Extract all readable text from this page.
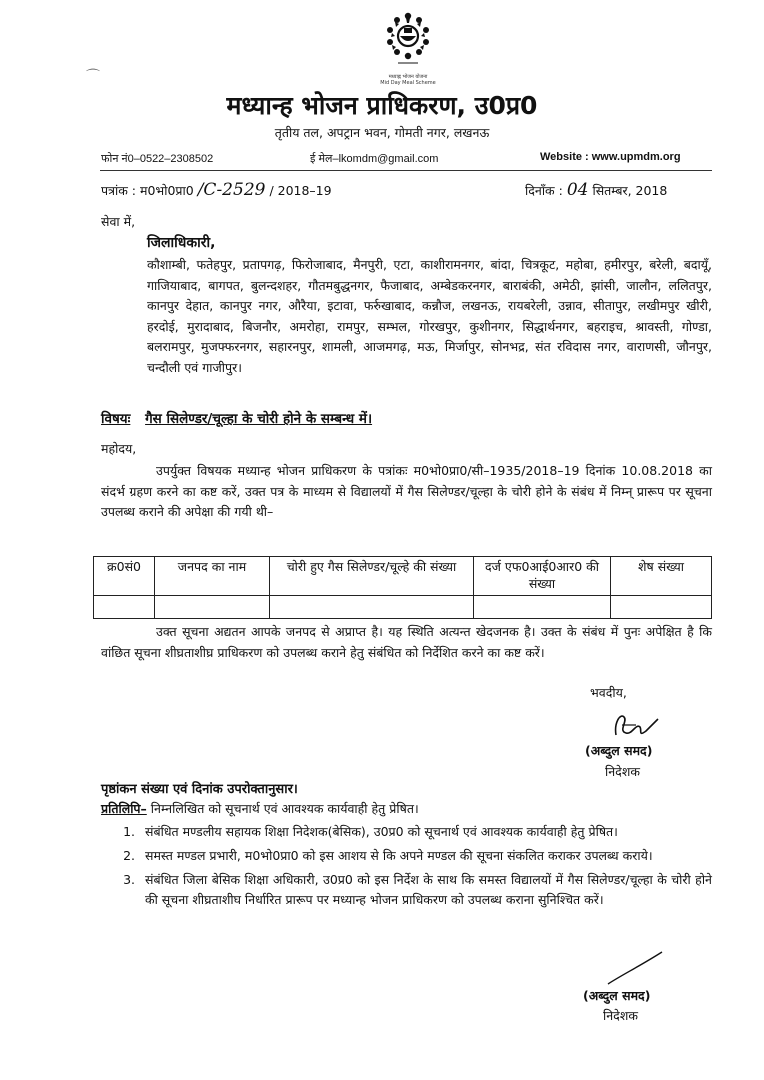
⌒	मध्याह्न भोजन योजना
Mid Day Meal Scheme
मध्यान्ह भोजन प्राधिकरण, उ0प्र0
तृतीय तल, अपट्रान भवन, गोमती नगर, लखनऊ
फोन नं0–0522–2308502	ई मेल–lkomdm@gmail.com	Website : www.upmdm.org
पत्रांक : म0भो0प्रा0 /C-2529 / 2018–19	दिनाँक : 04 सितम्बर, 2018
सेवा में,
जिलाधिकारी,
कौशाम्बी, फतेहपुर, प्रतापगढ़, फिरोजाबाद, मैनपुरी, एटा, काशीरामनगर, बांदा, चित्रकूट, महोबा, हमीरपुर, बरेली, बदायूँ, गाजियाबाद, बागपत, बुलन्दशहर, गौतमबुद्धनगर, फैजाबाद, अम्बेडकरनगर, बाराबंकी, अमेठी, झांसी, जालौन, ललितपुर, कानपुर देहात, कानपुर नगर, औरैया, इटावा, फर्रुखाबाद, कन्नौज, लखनऊ, रायबरेली, उन्नाव, सीतापुर, लखीमपुर खीरी, हरदोई, मुरादाबाद, बिजनौर, अमरोहा, रामपुर, सम्भल, गोरखपुर, कुशीनगर, सिद्धार्थनगर, बहराइच, श्रावस्ती, गोण्डा, बलरामपुर, मुजफ्फरनगर, सहारनपुर, शामली, आजमगढ़, मऊ, मिर्जापुर, सोनभद्र, संत रविदास नगर, वाराणसी, जौनपुर, चन्दौली एवं गाजीपुर।
विषयः गैस सिलेण्डर/चूल्हा के चोरी होने के सम्बन्ध में।
महोदय,
उपर्युक्त विषयक मध्यान्ह भोजन प्राधिकरण के पत्रांकः म0भो0प्रा0/सी–1935/2018–19 दिनांक 10.08.2018 का संदर्भ ग्रहण करने का कष्ट करें, उक्त पत्र के माध्यम से विद्यालयों में गैस सिलेण्डर/चूल्हा के चोरी होने के संबंध में निम्न् प्रारूप पर सूचना उपलब्ध कराने की अपेक्षा की गयी थी–
क्र0सं0	जनपद का नाम	चोरी हुए गैस सिलेण्डर/चूल्हे की संख्या	दर्ज एफ0आई0आर0 की संख्या	शेष संख्या

उक्त सूचना अद्यतन आपके जनपद से अप्राप्त है। यह स्थिति अत्यन्त खेदजनक है। उक्त के संबंध में पुनः अपेक्षित है कि वांछित सूचना शीघ्रताशीघ्र प्राधिकरण को उपलब्ध कराने हेतु संबंधित को निर्देशित करने का कष्ट करें।
भवदीय,
(अब्दुल समद)
निदेशक
पृष्ठांकन संख्या एवं दिनांक उपरोक्तानुसार।
प्रतिलिपि– निम्नलिखित को सूचनार्थ एवं आवश्यक कार्यवाही हेतु प्रेषित।
1. संबंधित मण्डलीय सहायक शिक्षा निदेशक(बेसिक), उ0प्र0 को सूचनार्थ एवं आवश्यक कार्यवाही हेतु प्रेषित।
2. समस्त मण्डल प्रभारी, म0भो0प्रा0 को इस आशय से कि अपने मण्डल की सूचना संकलित कराकर उपलब्ध कराये।
3. संबंधित जिला बेसिक शिक्षा अधिकारी, उ0प्र0 को इस निर्देश के साथ कि समस्त विद्यालयों में गैस सिलेण्डर/चूल्हा के चोरी होने की सूचना शीघ्रताशीघ निर्धारित प्रारूप पर मध्यान्ह भोजन प्राधिकरण को उपलब्ध कराना सुनिश्चित करें।
(अब्दुल समद)
निदेशक
